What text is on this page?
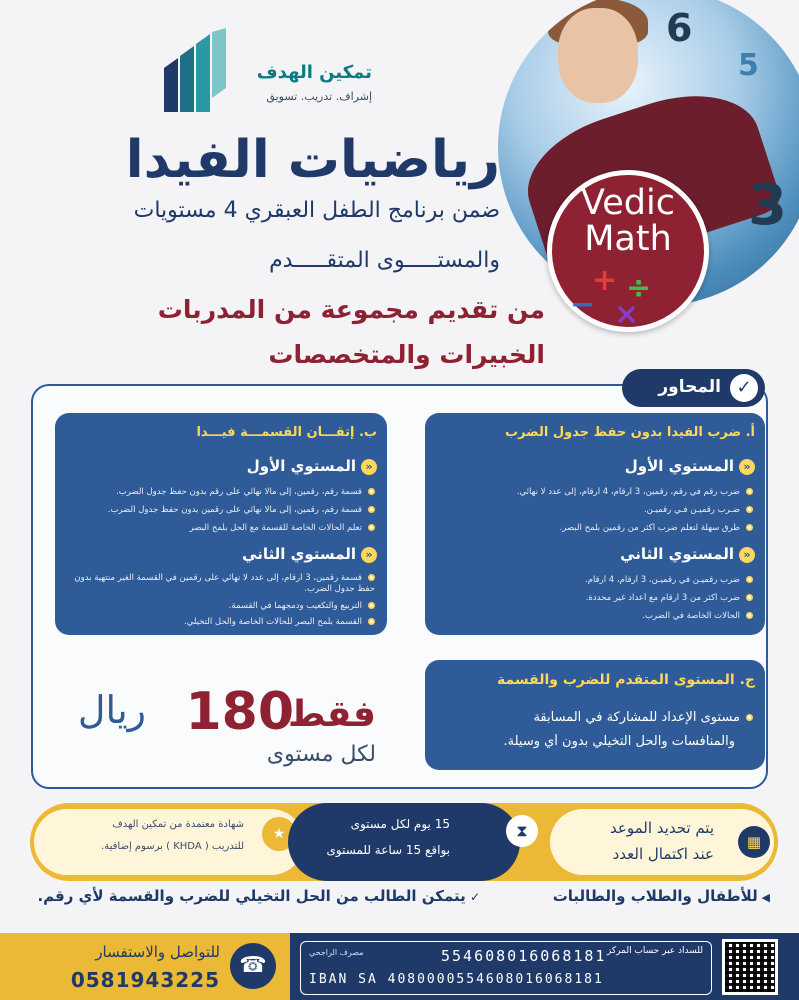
تمكين الهدف
إشراف. تدريب. تسويق
6
5
3
Vedic
Math
+ ÷
− ×
رياضيات الفيدا
ضمن برنامج الطفل العبقري 4 مستويات
والمستـــــوى المتقـــــدم
من تقديم مجموعة من المدربات
الخبيرات والمتخصصات
✓
المحاور
أ. ضرب الفيدا بدون حفظ جدول الضرب
«المستوي الأول
ضرب رقم في رقم، رقمين، 3 أرقام، 4 أرقام، إلى عدد لا نهائي.
ضـرب رقميـن فـي رقميـن.
طرق سهلة لتعلم ضرب أكثر من رقمين بلمح البصر.
«المستوي الثاني
ضرب رقميـن في رقميـن، 3 أرقام، 4 أرقام.
ضرب أكثر من 3 أرقام مع أعداد غير محددة.
الحالات الخاصة في الضرب.
ب. إتقـــان القسمـــة فيـــدا
«المستوي الأول
قسمة رقم، رقمين، إلى مالا نهائي على رقم بدون حفظ جدول الضرب.
قسمة رقم، رقمين، إلى مالا نهائي على رقمين بدون حفظ جدول الضرب.
تعلم الحالات الخاصة للقسمة مع الحل بلمح البصر
«المستوي الثاني
قسمة رقمين، 3 أرقام، إلى عدد لا نهائي على رقمين في القسمة الغير منتهية بدون حفظ جدول الضرب.
التربيع والتكعيب ودمجهما في القسمة.
القسمة بلمح البصر للحالات الخاصة والحل التخيلي.
ج. المستوى المتقدم للضرب والقسمة
مستوى الإعداد للمشاركة في المسابقة
والمنافسات والحل التخيلي بدون أي وسيلة.
فقط
180
ريال
لكل مستوى
شهادة معتمدة من تمكين الهدف
للتدريب ( KHDA ) برسوم إضافية.
★
15 يوم لكل مستوى
بواقع 15 ساعة للمستوى
⧗	يتم تحديد الموعد
عند اكتمال العدد
▦
◀ للأطفال والطلاب والطالبات
✓ يتمكن الطالب من الحل التخيلي للضرب والقسمة لأي رقم.
للتواصل والاستفسار
0581943225
☎
مصرف الراجحي	للسداد عبر حساب المركز
554608016068181
IBAN SA 4080000554608016068181
